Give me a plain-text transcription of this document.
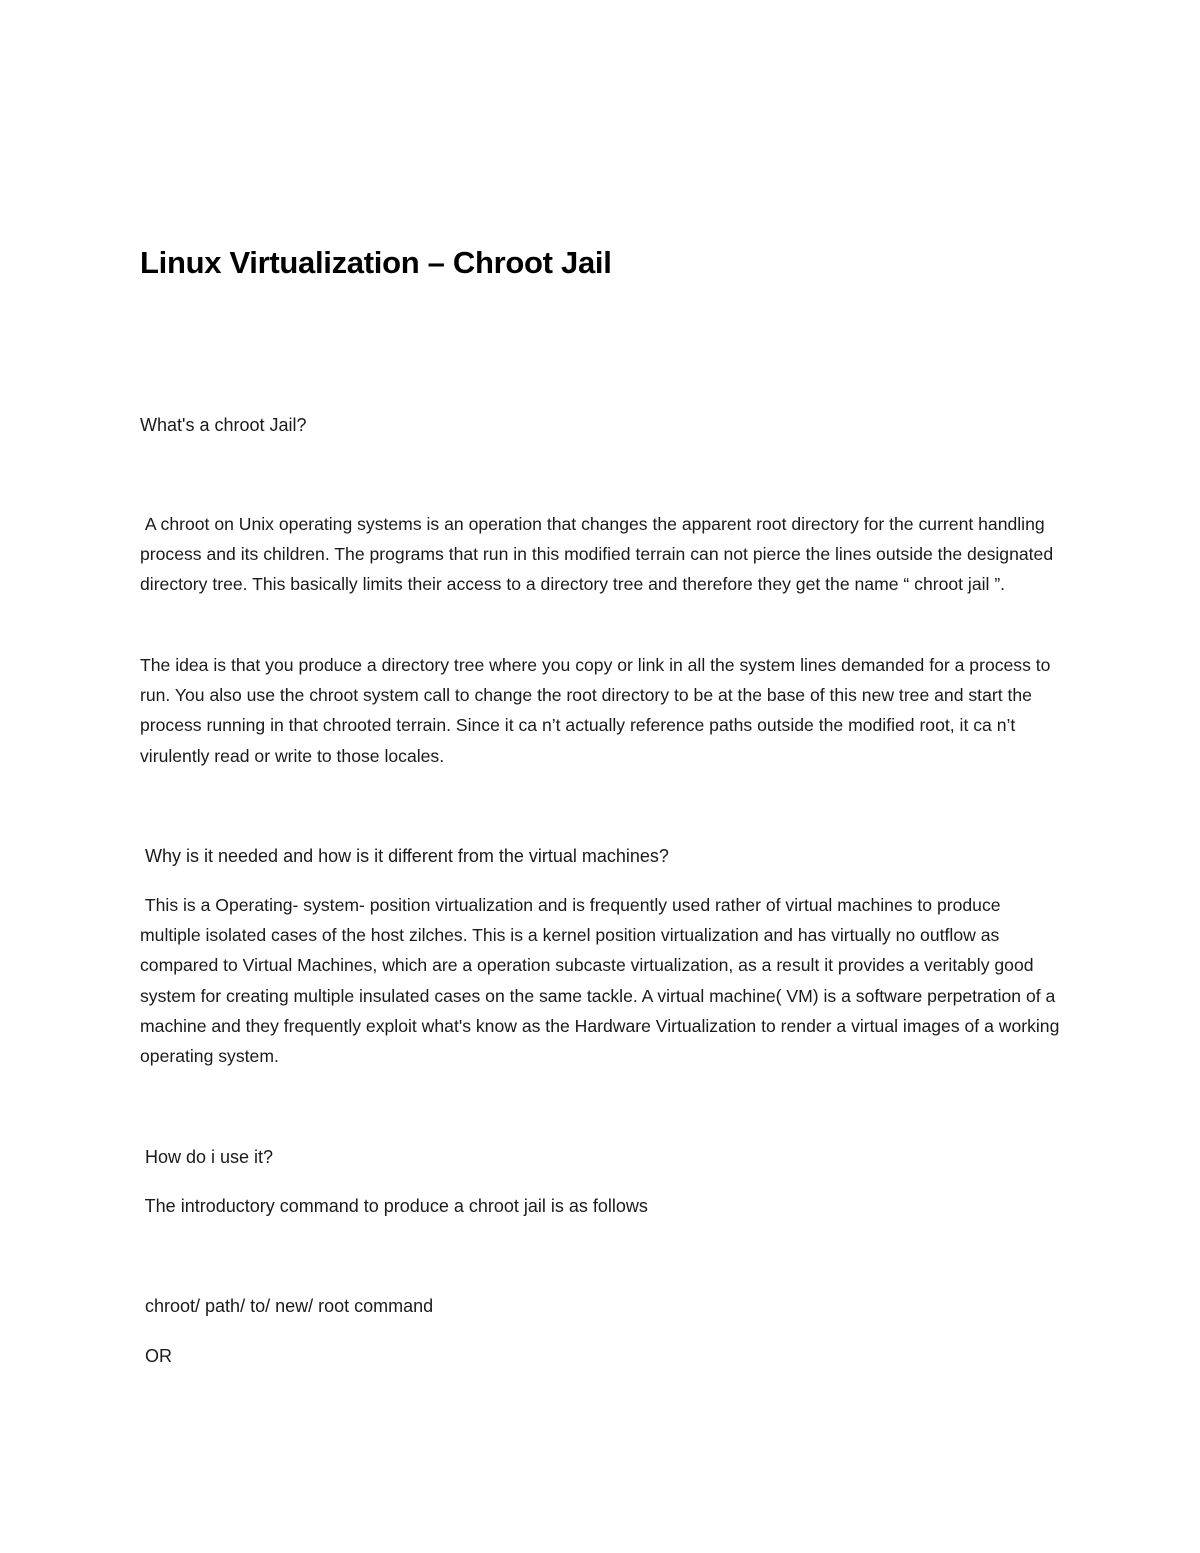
Linux Virtualization – Chroot Jail

What's a chroot Jail?

A chroot on Unix operating systems is an operation that changes the apparent root directory for the current handling process and its children. The programs that run in this modified terrain can not pierce the lines outside the designated directory tree. This basically limits their access to a directory tree and therefore they get the name “ chroot jail ”.

The idea is that you produce a directory tree where you copy or link in all the system lines demanded for a process to run. You also use the chroot system call to change the root directory to be at the base of this new tree and start the process running in that chrooted terrain. Since it ca n’t actually reference paths outside the modified root, it ca n’t virulently read or write to those locales.

Why is it needed and how is it different from the virtual machines?

This is a Operating- system- position virtualization and is frequently used rather of virtual machines to produce multiple isolated cases of the host zilches. This is a kernel position virtualization and has virtually no outflow as compared to Virtual Machines, which are a operation subcaste virtualization, as a result it provides a veritably good system for creating multiple insulated cases on the same tackle. A virtual machine( VM) is a software perpetration of a machine and they frequently exploit what's know as the Hardware Virtualization to render a virtual images of a working operating system.

How do i use it?

The introductory command to produce a chroot jail is as follows

chroot/ path/ to/ new/ root command

OR
